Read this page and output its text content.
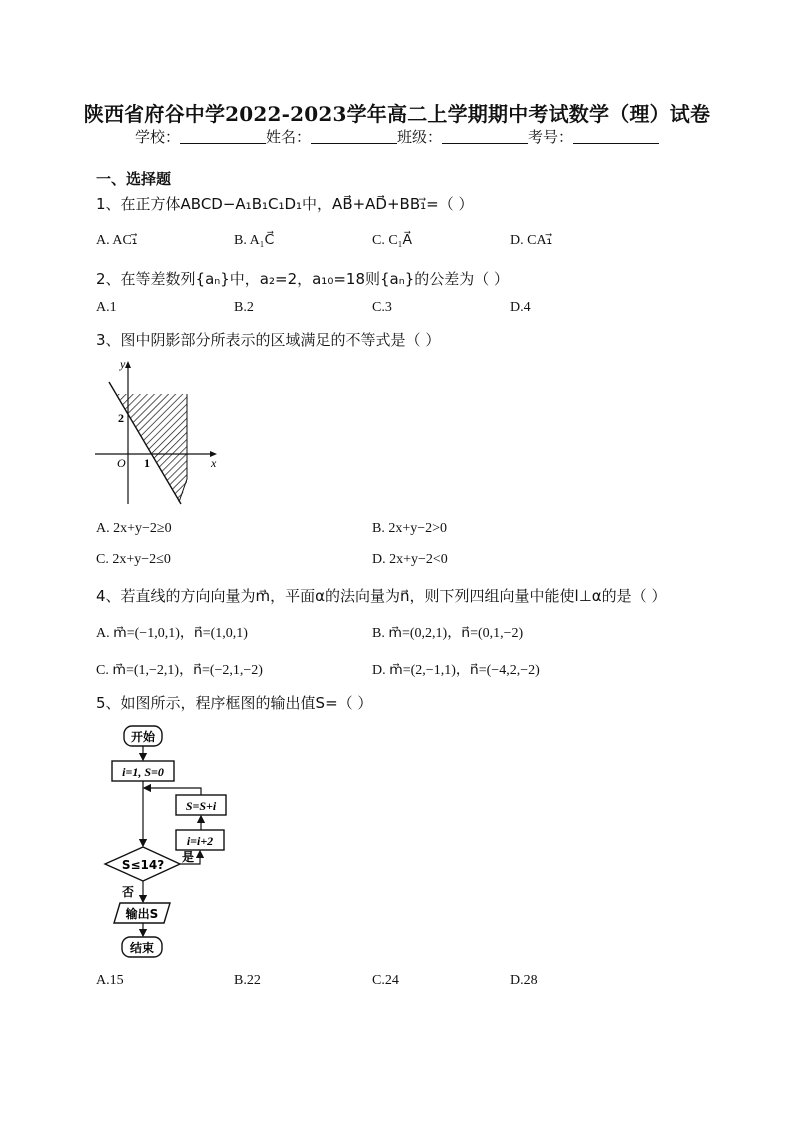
陕西省府谷中学2022-2023学年高二上学期期中考试数学（理）试卷
学校：	姓名：	班级：	考号：
一、选择题
1、在正方体ABCD−A₁B₁C₁D₁中，AB⃗+AD⃗+BB₁⃗=（ ）
A. AC₁⃗	B. A₁C⃗	C. C₁A⃗	D. CA₁⃗
2、在等差数列{aₙ}中，a₂=2，a₁₀=18则{aₙ}的公差为（ ）
A.1	B.2	C.3	D.4
3、图中阴影部分所表示的区域满足的不等式是（ ）
y
x
O
2
1
A. 2x+y−2≥0	B. 2x+y−2>0
C. 2x+y−2≤0	D. 2x+y−2<0
4、若直线的方向向量为m⃗，平面α的法向量为n⃗，则下列四组向量中能使l⊥α的是（ ）
A. m⃗=(−1,0,1)，n⃗=(1,0,1)	B. m⃗=(0,2,1)，n⃗=(0,1,−2)
C. m⃗=(1,−2,1)，n⃗=(−2,1,−2)	D. m⃗=(2,−1,1)，n⃗=(−4,2,−2)
5、如图所示，程序框图的输出值S=（ ）
开始
i=1, S=0
S=S+i
i=i+2
S≤14?
是
否
输出S
结束
A.15	B.22	C.24	D.28
